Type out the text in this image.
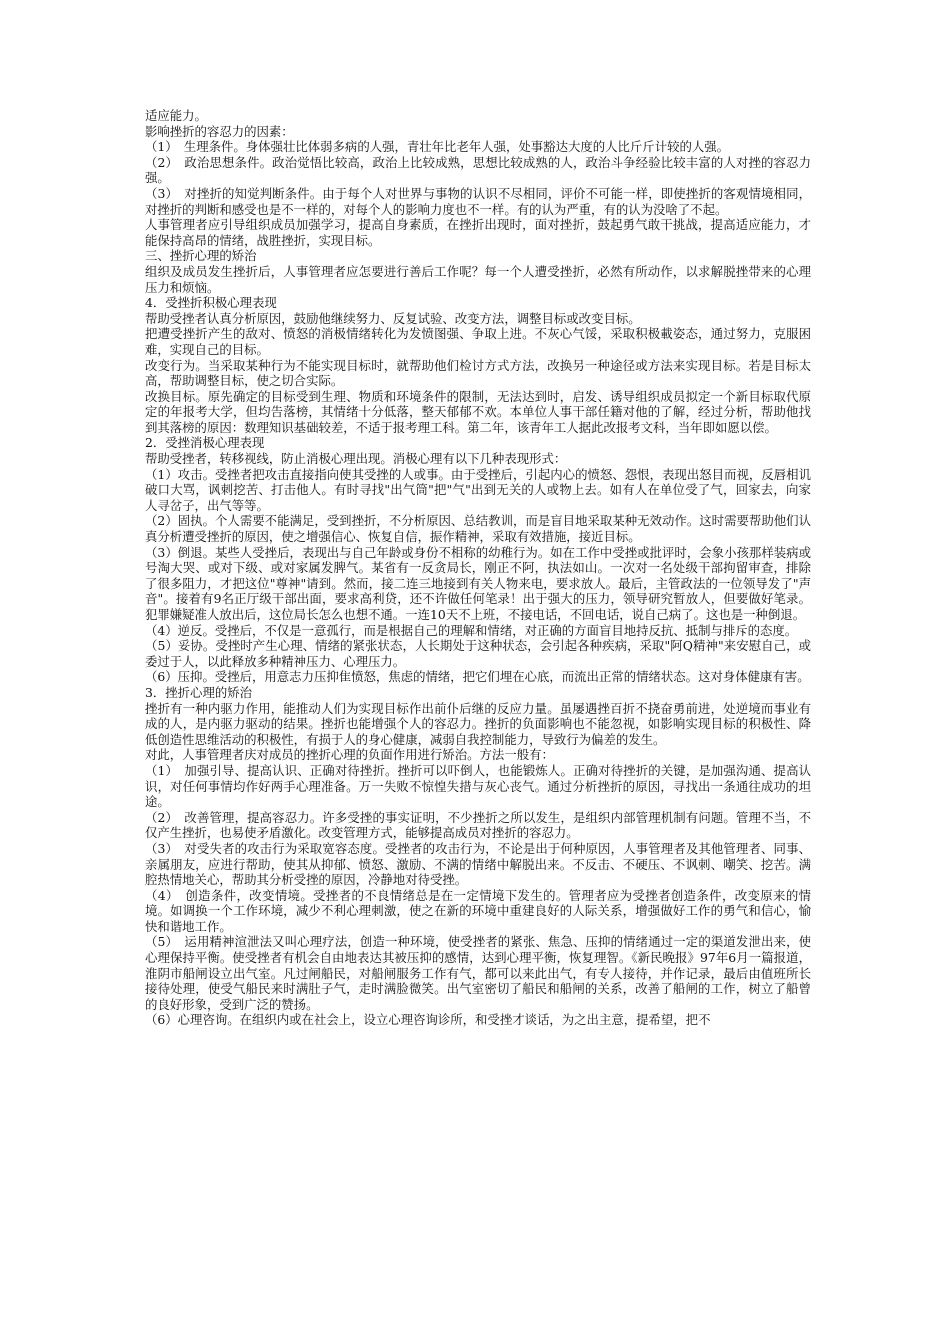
适应能力。

影响挫折的容忍力的因素：

（1）　生理条件。身体强壮比体弱多病的人强，青壮年比老年人强，处事豁达大度的人比斤斤计较的人强。

（2）　政治思想条件。政治觉悟比较高，政治上比较成熟，思想比较成熟的人，政治斗争经验比较丰富的人对挫的容忍力强。

（3）　对挫折的知觉判断条件。由于每个人对世界与事物的认识不尽相同，评价不可能一样，即使挫折的客观情境相同，对挫折的判断和感受也是不一样的，对每个人的影响力度也不一样。有的认为严重，有的认为没啥了不起。

人事管理者应引导组织成员加强学习，提高自身素质，在挫折出现时，面对挫折，鼓起勇气敢干挑战，提高适应能力，才能保持高昂的情绪，战胜挫折，实现目标。

三、挫折心理的矫治

组织及成员发生挫折后，人事管理者应怎要进行善后工作呢？每一个人遭受挫折，必然有所动作，以求解脱挫带来的心理压力和烦恼。

4．受挫折积极心理表现

帮助受挫者认真分析原因，鼓励他继续努力、反复试验、改变方法，调整目标或改变目标。

把遭受挫折产生的敌对、愤怒的消极情绪转化为发愤图强、争取上进。不灰心气馁，采取积极載姿态，通过努力，克服困难，实现自己的目标。

改变行为。当采取某种行为不能实现目标时，就帮助他们检讨方式方法，改换另一种途径或方法来实现目标。若是目标太高，帮助调整目标，使之切合实际。

改换目标。原先确定的目标受到生理、物质和环境条件的限制，无法达到时，启发、诱导组织成员拟定一个新目标取代原定的年报考大学，但均告落榜，其情绪十分低落，整天郁郁不欢。本单位人事干部任籍对他的了解，经过分析，帮助他找到其落榜的原因：数理知识基础较差，不适于报考理工科。第二年，该青年工人据此改报考文科，当年即如愿以偿。

2．受挫消极心理表现

帮助受挫者，转移视线，防止消极心理出现。消极心理有以下几种表现形式：

（1）攻击。受挫者把攻击直接指向使其受挫的人或事。由于受挫后，引起内心的愤怒、怨恨，表现出怒目而视，反唇相讥破口大骂，讽刺挖苦、打击他人。有时寻找"出气筒"把"气"出到无关的人或物上去。如有人在单位受了气，回家去，向家人寻岔子，出气等等。

（2）固执。个人需要不能满足，受到挫折，不分析原因、总结教训，而是盲目地采取某种无效动作。这时需要帮助他们认真分析遭受挫折的原因，使之增强信心、恢复自信，振作精神，采取有效措施，接近目标。

（3）倒退。某些人受挫后，表现出与自己年龄或身份不相称的幼稚行为。如在工作中受挫或批评时，会象小孩那样装病或号淘大哭、或对下级、或对家属发脾气。某省有一反贪局长，刚正不阿，执法如山。一次对一名处级干部拘留审查，排除了很多阻力，才把这位"尊神"请到。然而，接二连三地接到有关人物来电，要求放人。最后，主管政法的一位领导发了"声音"。接着有9名正厅级干部出面，要求高利贷，还不许做任何笔录！出于强大的压力，领导研究暂放人，但要做好笔录。犯罪嫌疑准人放出后，这位局长怎么也想不通。一连10天不上班，不接电话，不回电话，说自己病了。这也是一种倒退。

（4）逆反。受挫后，不仅是一意孤行，而是根据自己的理解和情绪，对正确的方面盲目地持反抗、抵制与排斥的态度。

（5）妥协。受挫时产生心理、情绪的紧张状态，人长期处于这种状态，会引起各种疾病，采取"阿Q精神"来安慰自己，或委过于人，以此释放多种精神压力、心理压力。

（6）压抑。受挫后，用意志力压抑隹愤怒，焦虑的情绪，把它们埋在心底，而流出正常的情绪状态。这对身体健康有害。

3．挫折心理的矫治

挫折有一种内驱力作用，能推动人们为实现目标作出前仆后继的反应力量。虽屡遇挫百折不挠奋勇前进，处逆境而事业有成的人，是内驱力驱动的结果。挫折也能增强个人的容忍力。挫折的负面影响也不能忽视，如影响实现目标的积极性、降低创造性思维活动的积极性，有损于人的身心健康，减弱自我控制能力，导致行为偏差的发生。

对此，人事管理者庆对成员的挫折心理的负面作用进行矫治。方法一般有：

（1）　加强引导、提高认识、正确对待挫折。挫折可以吓倒人，也能锻炼人。正确对待挫折的关键，是加强沟通、提高认识，对任何事情均作好两手心理准备。万一失败不惊惶失措与灰心丧气。通过分析挫折的原因，寻找出一条通往成功的坦途。

（2）　改善管理，提高容忍力。许多受挫的事实证明，不少挫折之所以发生，是组织内部管理机制有问题。管理不当，不仅产生挫折，也易使矛盾激化。改变管理方式，能够提高成员对挫折的容忍力。

（3）　对受失者的攻击行为采取宽容态度。受挫者的攻击行为，不论是出于何种原因，人事管理者及其他管理者、同事、亲属朋友，应进行帮助，使其从抑郁、愤怒、激励、不满的情绪中解脱出来。不反击、不硬压、不讽刺、嘲笑、挖苦。满腔热情地关心，帮助其分析受挫的原因，冷静地对待受挫。

（4）　创造条件，改变情境。受挫者的不良情绪总是在一定情境下发生的。管理者应为受挫者创造条件，改变原来的情境。如调换一个工作环境，减少不利心理刺激，使之在新的环境中重建良好的人际关系，增强做好工作的勇气和信心，愉快和谐地工作。

（5）　运用精神渲泄法又叫心理疗法，创造一种环境，使受挫者的紧张、焦急、压抑的情绪通过一定的渠道发泄出来，使心理保持平衡。使受挫者有机会自由地表达其被压抑的感情，达到心理平衡，恢复理智。《新民晚报》97年6月一篇报道，淮阴市船闸设立出气室。凡过闸船民，对船闸服务工作有气，都可以来此出气，有专人接待，并作记录，最后由值班所长接待处理，使受气船民来时满肚子气，走时满脸微笑。出气室密切了船民和船闸的关系，改善了船闸的工作，树立了船曾的良好形象，受到广泛的赞扬。

（6）心理咨询。在组织内或在社会上，设立心理咨询诊所，和受挫才谈话，为之出主意，提希望，把不
